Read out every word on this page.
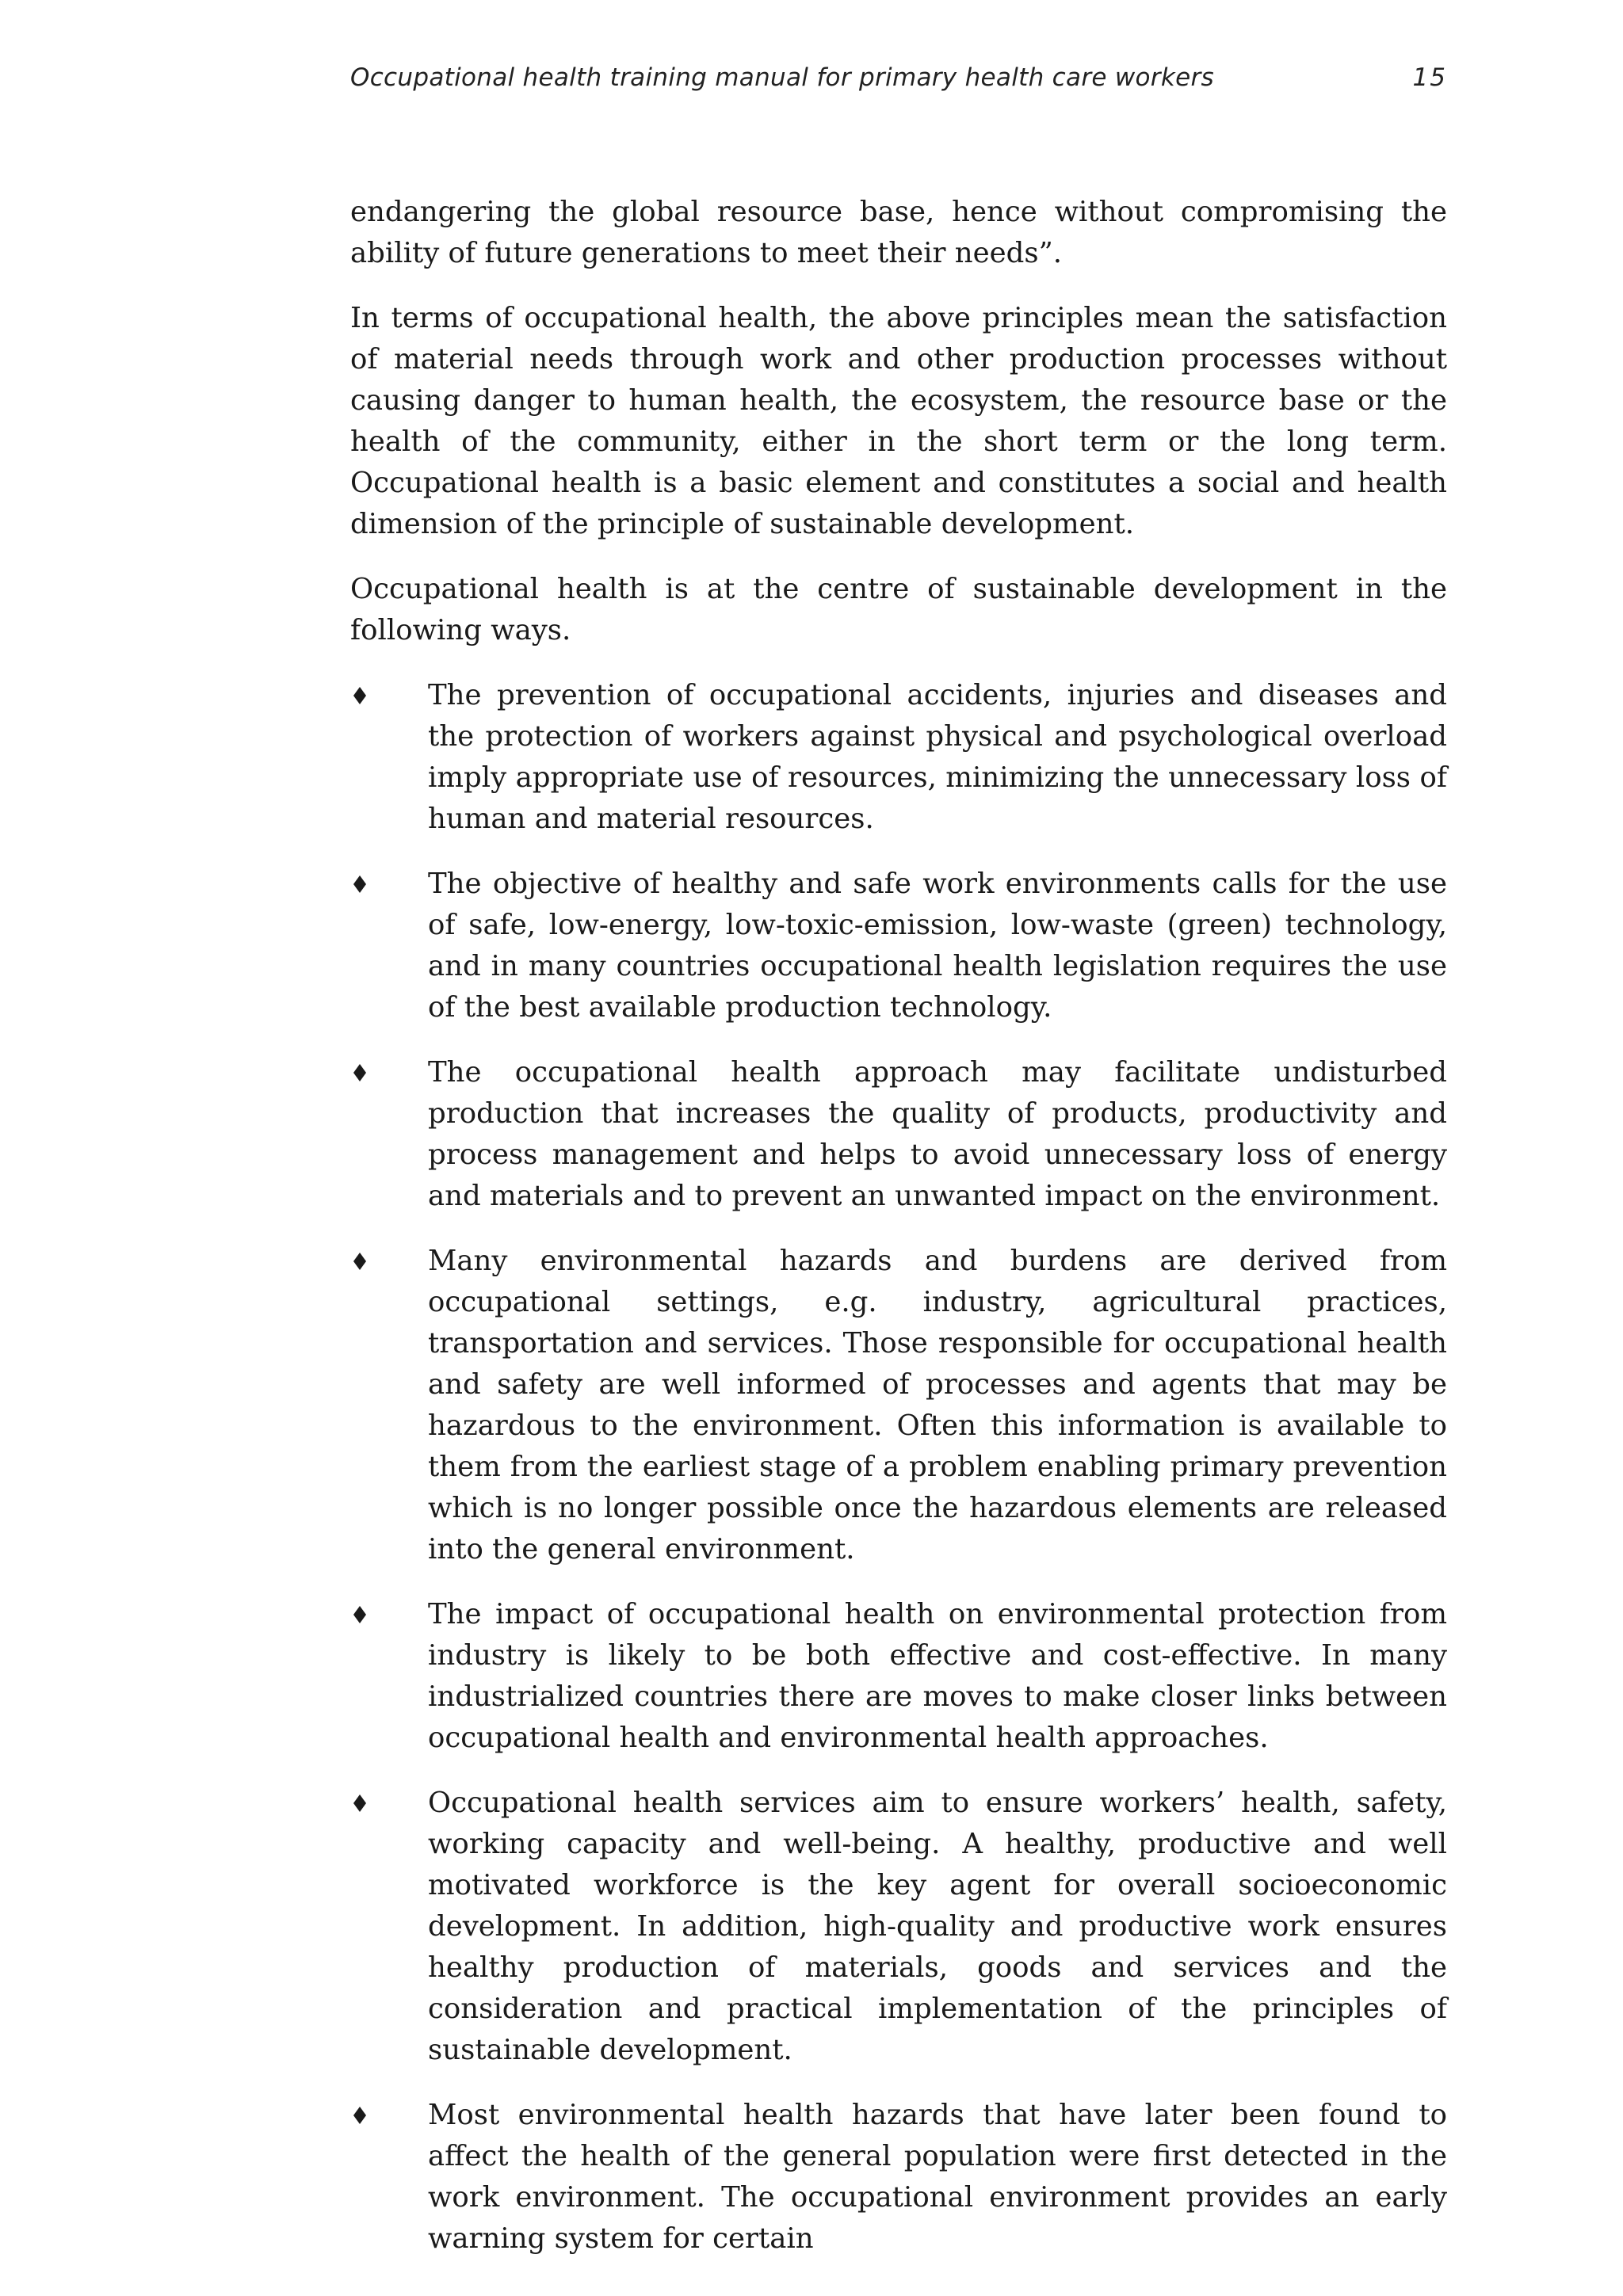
Occupational health training manual for primary health care workers	15

endangering the global resource base, hence without compromising the ability of future generations to meet their needs”.

In terms of occupational health, the above principles mean the satisfaction of material needs through work and other production processes without causing danger to human health, the ecosystem, the resource base or the health of the community, either in the short term or the long term. Occupational health is a basic element and constitutes a social and health dimension of the principle of sustainable development.

Occupational health is at the centre of sustainable development in the following ways.

The prevention of occupational accidents, injuries and diseases and the protection of workers against physical and psychological overload imply appropriate use of resources, minimizing the unnecessary loss of human and material resources.
The objective of healthy and safe work environments calls for the use of safe, low-energy, low-toxic-emission, low-waste (green) technology, and in many countries occupational health legislation requires the use of the best available production technology.
The occupational health approach may facilitate undisturbed production that increases the quality of products, productivity and process management and helps to avoid unnecessary loss of energy and materials and to prevent an unwanted impact on the environment.
Many environmental hazards and burdens are derived from occupational settings, e.g. industry, agricultural practices, transportation and services. Those responsible for occupational health and safety are well informed of processes and agents that may be hazardous to the environment. Often this information is available to them from the earliest stage of a problem enabling primary prevention which is no longer possible once the hazardous elements are released into the general environment.
The impact of occupational health on environmental protection from industry is likely to be both effective and cost-effective. In many industrialized countries there are moves to make closer links between occupational health and environmental health approaches.
Occupational health services aim to ensure workers’ health, safety, working capacity and well-being. A healthy, productive and well motivated workforce is the key agent for overall socioeconomic development. In addition, high-quality and productive work ensures healthy production of materials, goods and services and the consideration and practical implementation of the principles of sustainable development.
Most environmental health hazards that have later been found to affect the health of the general population were first detected in the work environment. The occupational environment provides an early warning system for certain
